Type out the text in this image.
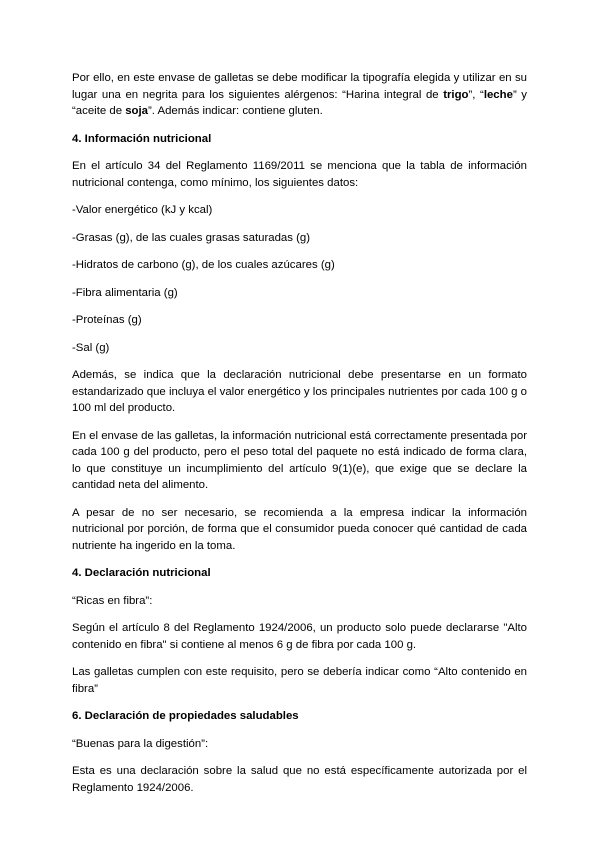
Por ello, en este envase de galletas se debe modificar la tipografía elegida y utilizar en su lugar una en negrita para los siguientes alérgenos: “Harina integral de trigo”, “leche” y “aceite de soja”. Además indicar: contiene gluten.

4. Información nutricional

En el artículo 34 del Reglamento 1169/2011 se menciona que la tabla de información nutricional contenga, como mínimo, los siguientes datos:

-Valor energético (kJ y kcal)
-Grasas (g), de las cuales grasas saturadas (g)
-Hidratos de carbono (g), de los cuales azúcares (g)
-Fibra alimentaria (g)
-Proteínas (g)
-Sal (g)

Además, se indica que la declaración nutricional debe presentarse en un formato estandarizado que incluya el valor energético y los principales nutrientes por cada 100 g o 100 ml del producto.

En el envase de las galletas, la información nutricional está correctamente presentada por cada 100 g del producto, pero el peso total del paquete no está indicado de forma clara, lo que constituye un incumplimiento del artículo 9(1)(e), que exige que se declare la cantidad neta del alimento.

A pesar de no ser necesario, se recomienda a la empresa indicar la información nutricional por porción, de forma que el consumidor pueda conocer qué cantidad de cada nutriente ha ingerido en la toma.

4. Declaración nutricional

“Ricas en fibra”:

Según el artículo 8 del Reglamento 1924/2006, un producto solo puede declararse "Alto contenido en fibra" si contiene al menos 6 g de fibra por cada 100 g.

Las galletas cumplen con este requisito, pero se debería indicar como “Alto contenido en fibra”

6. Declaración de propiedades saludables

“Buenas para la digestión”:

Esta es una declaración sobre la salud que no está específicamente autorizada por el Reglamento 1924/2006.
